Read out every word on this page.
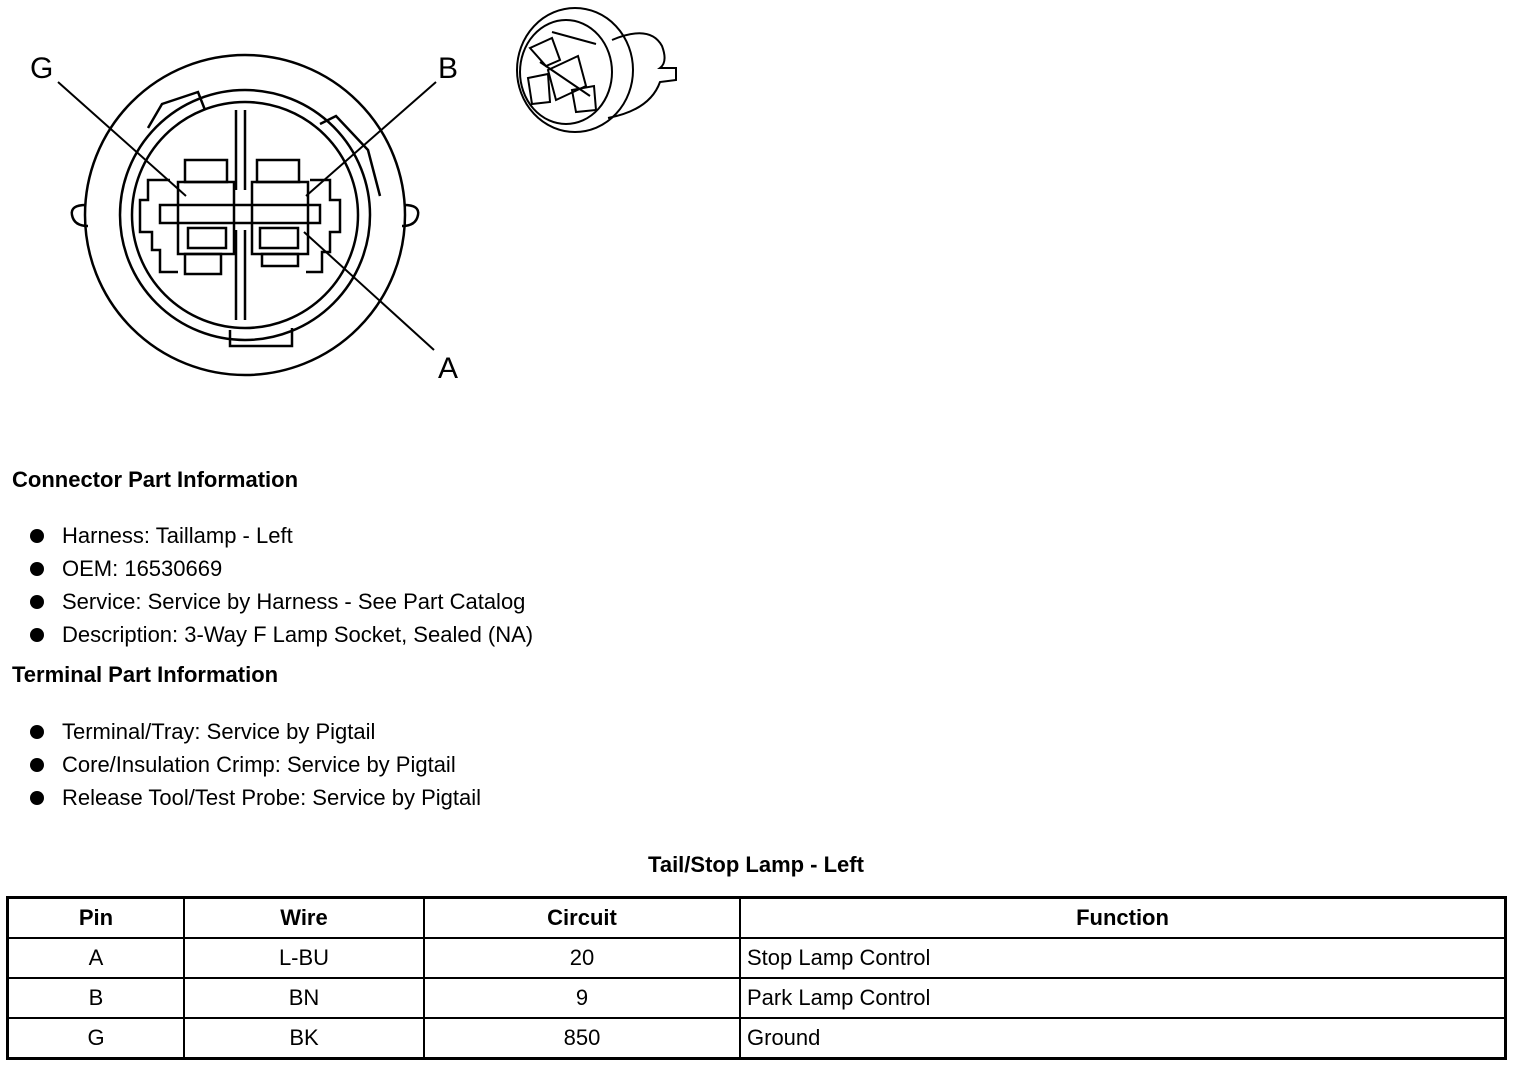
G	B
A
Connector Part Information
Harness: Taillamp - Left
OEM: 16530669
Service: Service by Harness - See Part Catalog
Description: 3-Way F Lamp Socket, Sealed (NA)
Terminal Part Information
Terminal/Tray: Service by Pigtail
Core/Insulation Crimp: Service by Pigtail
Release Tool/Test Probe: Service by Pigtail
Tail/Stop Lamp - Left
Pin	Wire	Circuit	Function
A	L-BU	20	Stop Lamp Control
B	BN	9	Park Lamp Control
G	BK	850	Ground
